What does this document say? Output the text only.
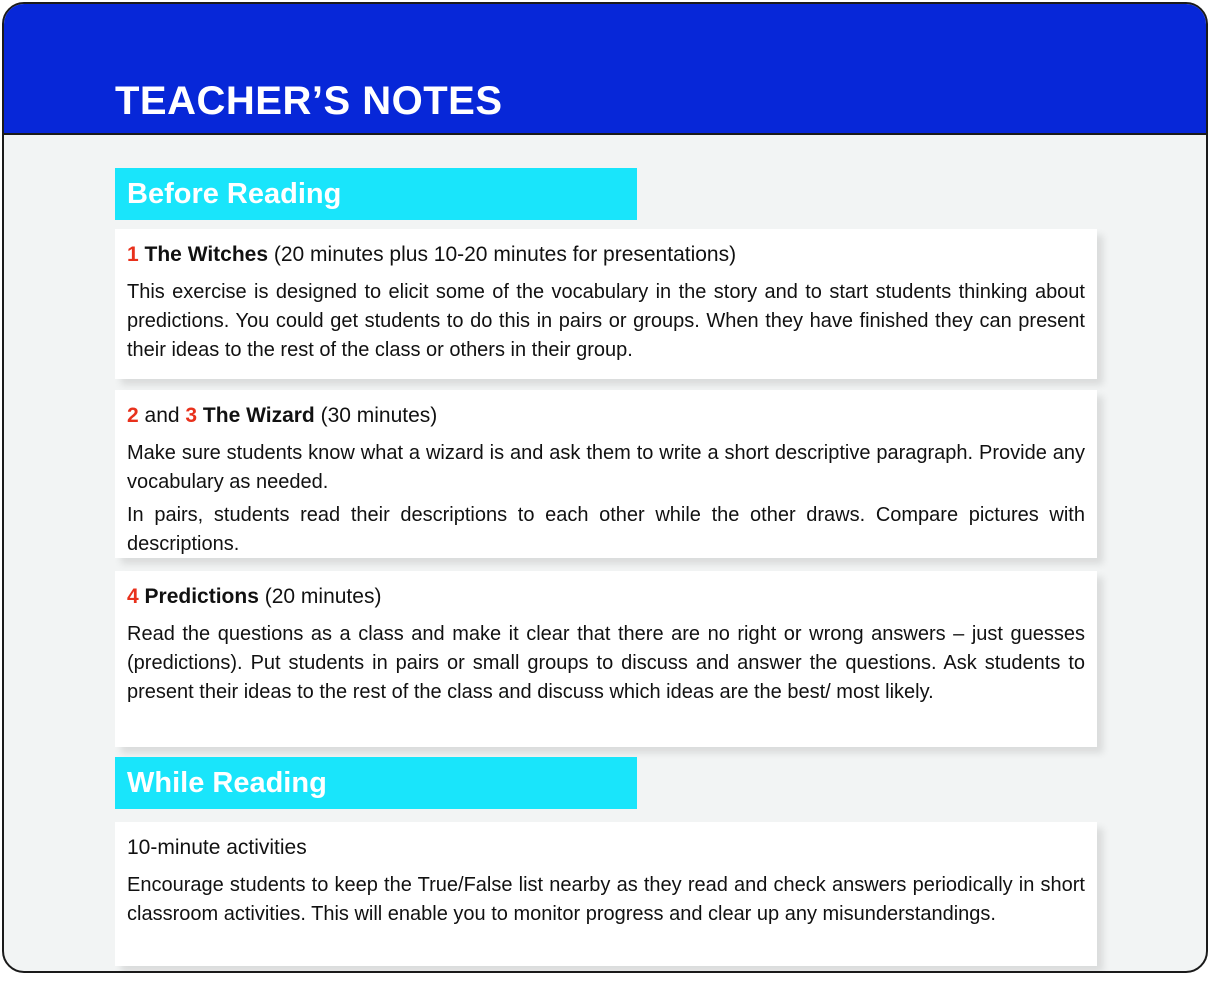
TEACHER’S NOTES
Before Reading
1 The Witches (20 minutes plus 10-20 minutes for presentations)

This exercise is designed to elicit some of the vocabulary in the story and to start students thinking about predictions. You could get students to do this in pairs or groups. When they have finished they can present their ideas to the rest of the class or others in their group.

2 and 3 The Wizard (30 minutes)

Make sure students know what a wizard is and ask them to write a short descriptive paragraph. Provide any vocabulary as needed.

In pairs, students read their descriptions to each other while the other draws. Compare pictures with descriptions.

4 Predictions (20 minutes)

Read the questions as a class and make it clear that there are no right or wrong answers – just guesses (predictions). Put students in pairs or small groups to discuss and answer the questions. Ask students to present their ideas to the rest of the class and discuss which ideas are the best/ most likely.

While Reading
10-minute activities

Encourage students to keep the True/False list nearby as they read and check answers periodically in short classroom activities. This will enable you to monitor progress and clear up any misunderstandings.
